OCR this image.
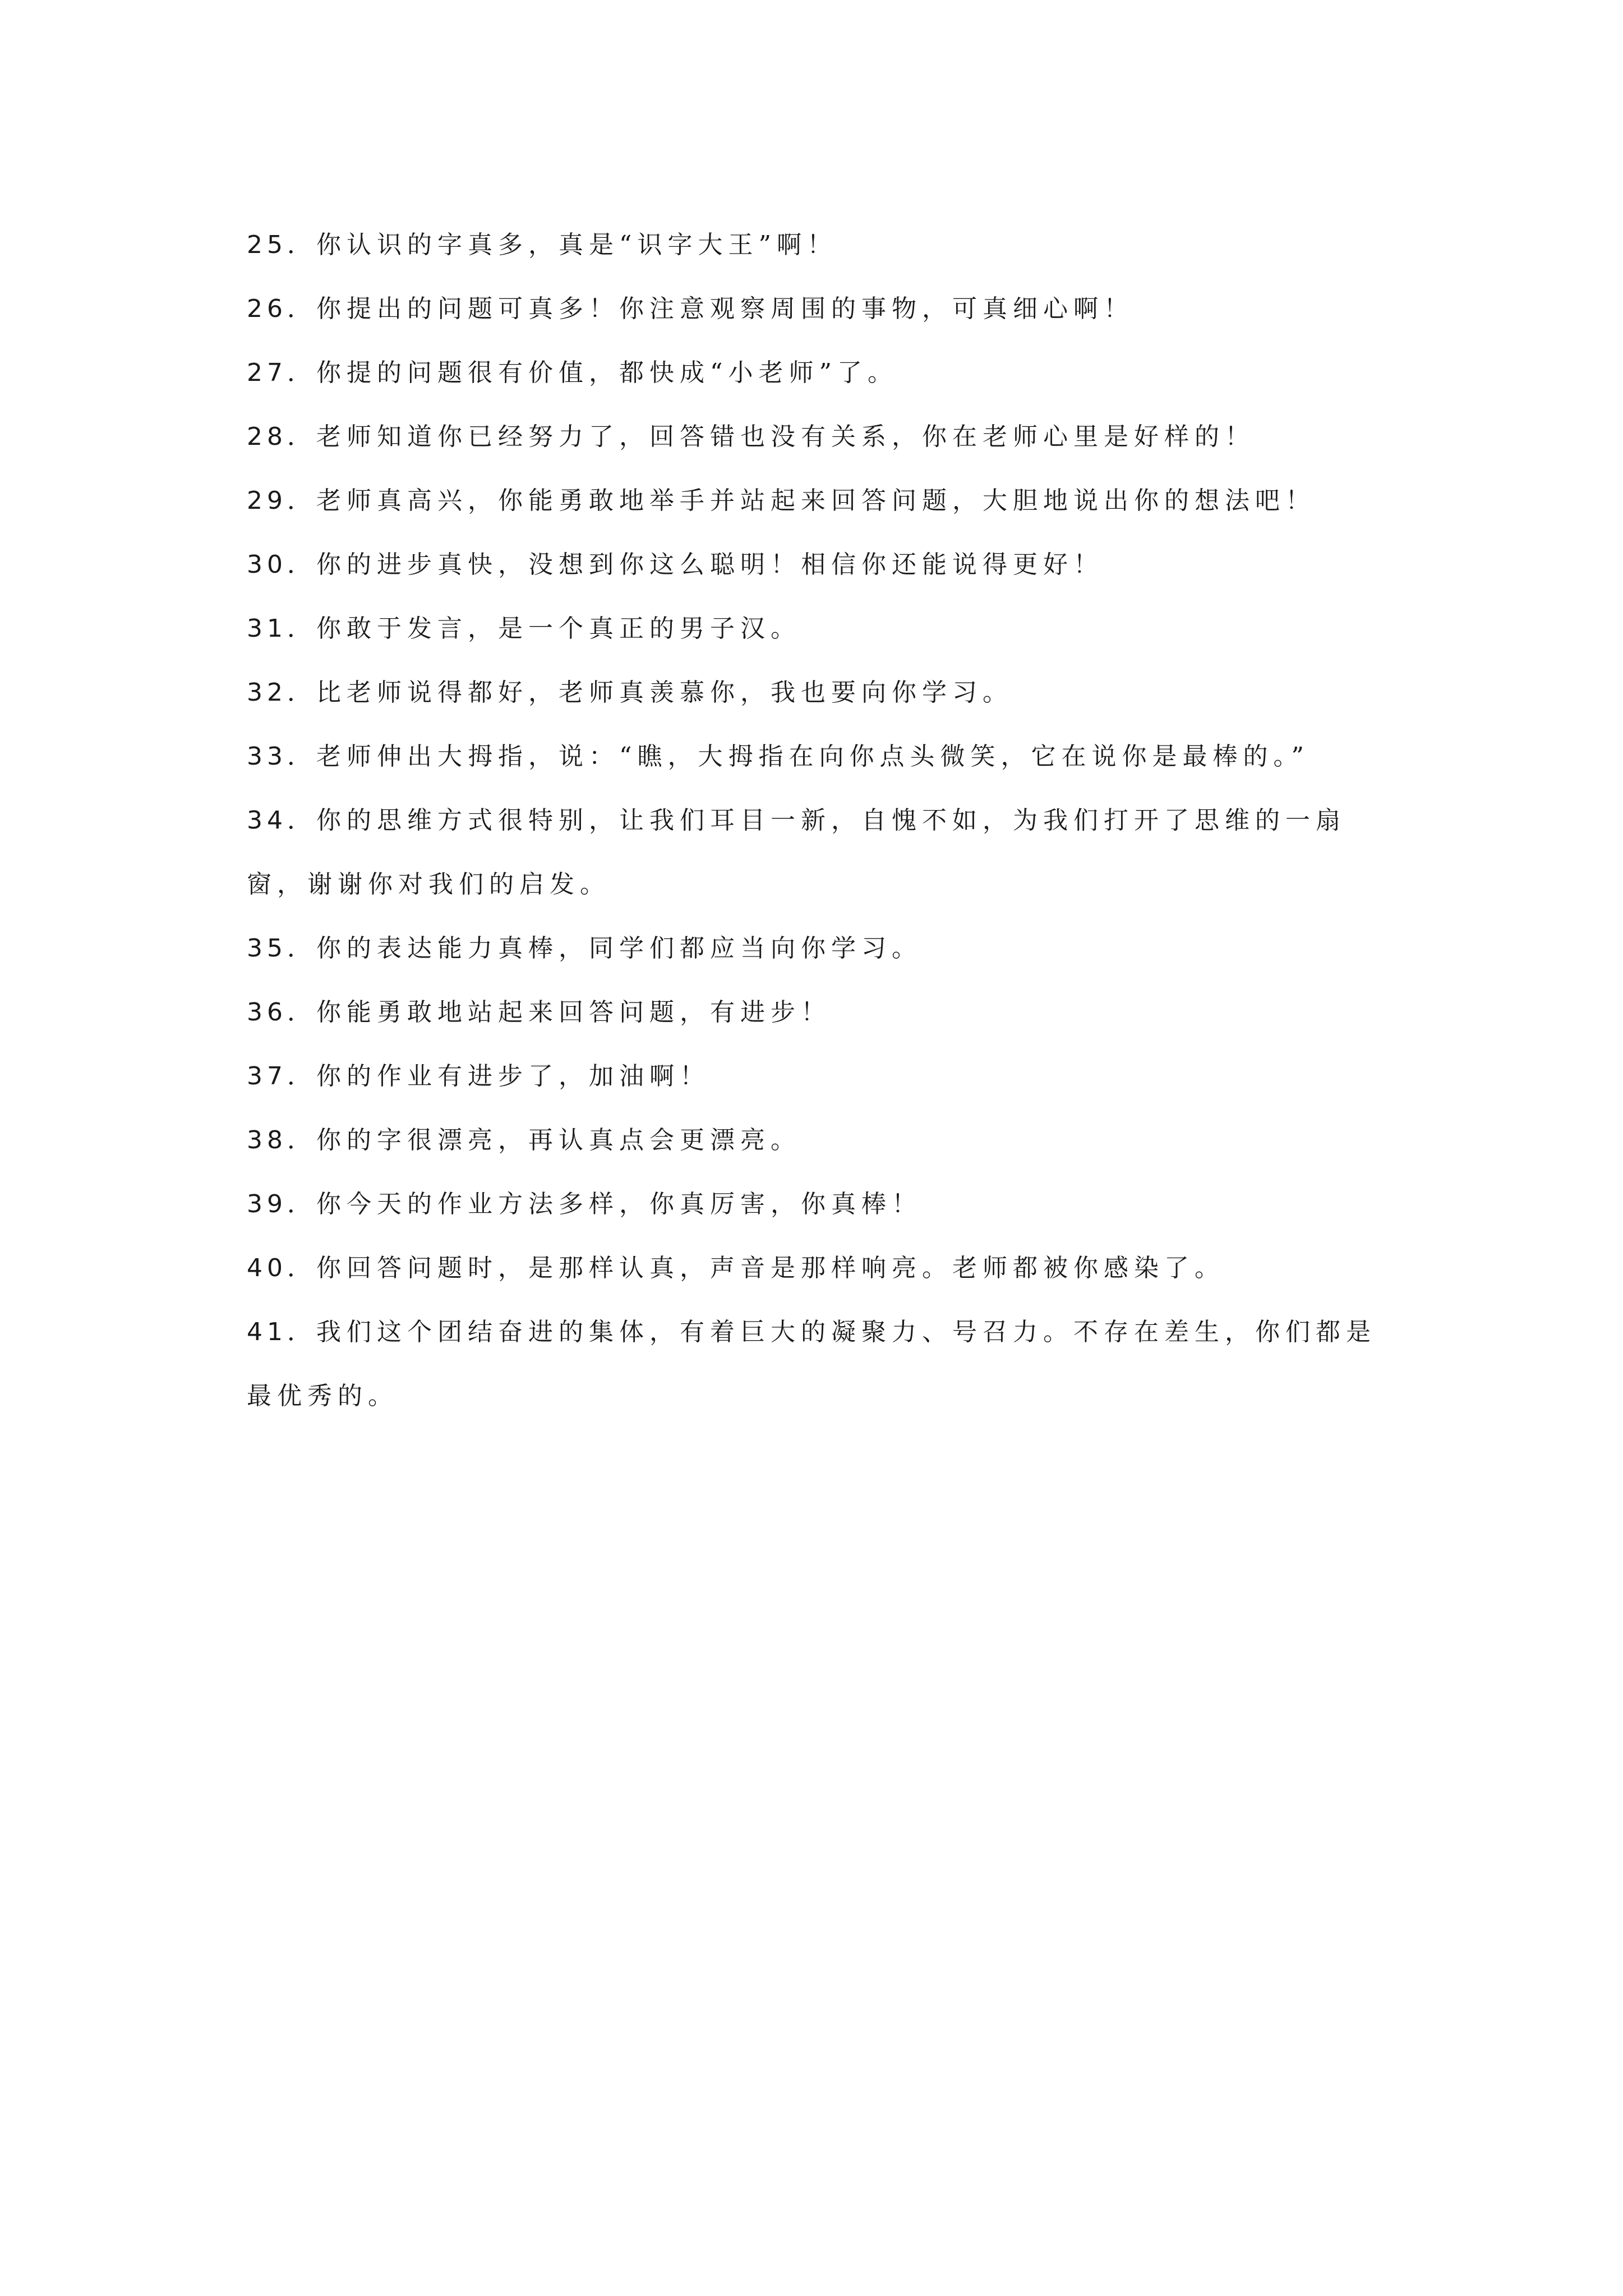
25．你认识的字真多，真是“识字大王”啊！

26．你提出的问题可真多！你注意观察周围的事物，可真细心啊！

27．你提的问题很有价值，都快成“小老师”了。

28．老师知道你已经努力了，回答错也没有关系，你在老师心里是好样的！

29．老师真高兴，你能勇敢地举手并站起来回答问题，大胆地说出你的想法吧！

30．你的进步真快，没想到你这么聪明！相信你还能说得更好！

31．你敢于发言，是一个真正的男子汉。

32．比老师说得都好，老师真羡慕你，我也要向你学习。

33．老师伸出大拇指，说：“瞧，大拇指在向你点头微笑，它在说你是最棒的。”

34．你的思维方式很特别，让我们耳目一新，自愧不如，为我们打开了思维的一扇窗，谢谢你对我们的启发。

35．你的表达能力真棒，同学们都应当向你学习。

36．你能勇敢地站起来回答问题，有进步！

37．你的作业有进步了，加油啊！

38．你的字很漂亮，再认真点会更漂亮。

39．你今天的作业方法多样，你真厉害，你真棒！

40．你回答问题时，是那样认真，声音是那样响亮。老师都被你感染了。

41．我们这个团结奋进的集体，有着巨大的凝聚力、号召力。不存在差生，你们都是最优秀的。
